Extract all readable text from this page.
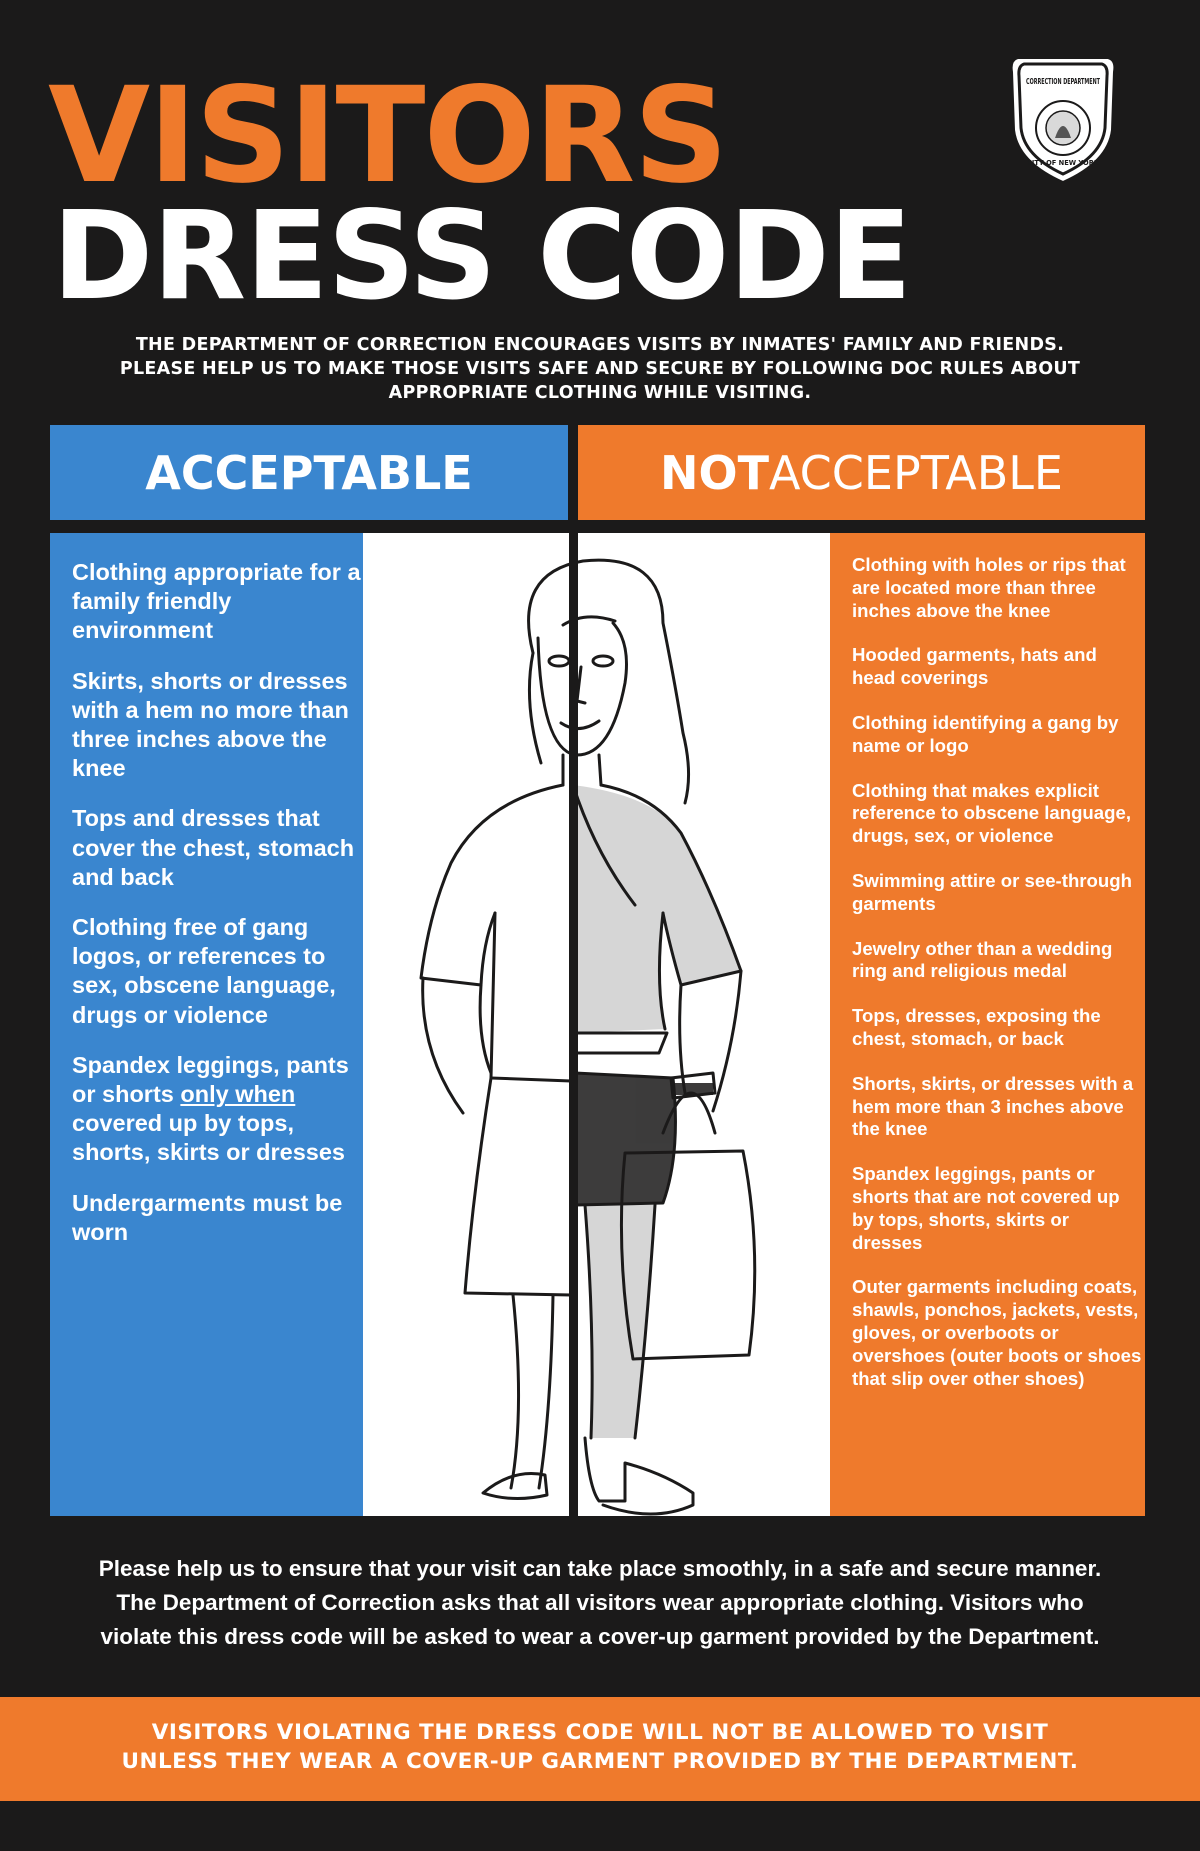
VISITORS
DRESS CODE
CORRECTION DEPARTMENT
CITY OF NEW YORK
THE DEPARTMENT OF CORRECTION ENCOURAGES VISITS BY INMATES' FAMILY AND FRIENDS.
PLEASE HELP US TO MAKE THOSE VISITS SAFE AND SECURE BY FOLLOWING DOC RULES ABOUT
APPROPRIATE CLOTHING WHILE VISITING.
ACCEPTABLE	NOT ACCEPTABLE
Clothing appropriate for a family friendly environment
Skirts, shorts or dresses with a hem no more than three inches above the knee
Tops and dresses that cover the chest, stomach and back
Clothing free of gang logos, or references to sex, obscene language, drugs or violence
Spandex leggings, pants or shorts only when covered up by tops, shorts, skirts or dresses
Undergarments must be worn
Clothing with holes or rips that are located more than three inches above the knee
Hooded garments, hats and head coverings
Clothing identifying a gang by name or logo
Clothing that makes explicit reference to obscene language, drugs, sex, or violence
Swimming attire or see-through garments
Jewelry other than a wedding ring and religious medal
Tops, dresses, exposing the chest, stomach, or back
Shorts, skirts, or dresses with a hem more than 3 inches above the knee
Spandex leggings, pants or shorts that are not covered up by tops, shorts, skirts or dresses
Outer garments including coats, shawls, ponchos, jackets, vests, gloves, or overboots or overshoes (outer boots or shoes that slip over other shoes)
Please help us to ensure that your visit can take place smoothly, in a safe and secure manner.
The Department of Correction asks that all visitors wear appropriate clothing. Visitors who
violate this dress code will be asked to wear a cover-up garment provided by the Department.
VISITORS VIOLATING THE DRESS CODE WILL NOT BE ALLOWED TO VISIT
UNLESS THEY WEAR A COVER-UP GARMENT PROVIDED BY THE DEPARTMENT.
